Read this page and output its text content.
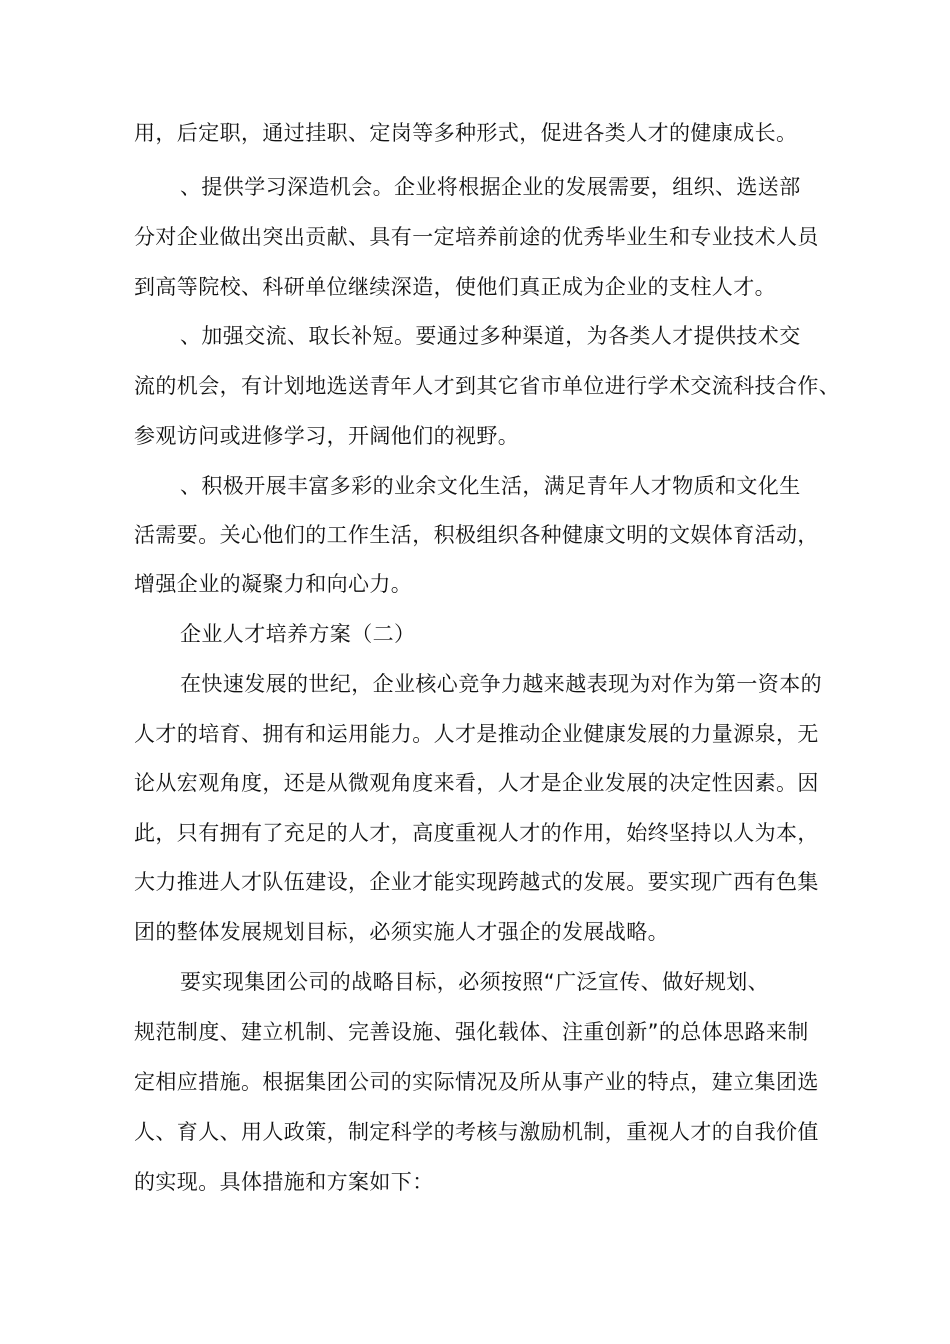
用，后定职，通过挂职、定岗等多种形式，促进各类人才的健康成长。
、提供学习深造机会。企业将根据企业的发展需要，组织、选送部
分对企业做出突出贡献、具有一定培养前途的优秀毕业生和专业技术人员
到高等院校、科研单位继续深造，使他们真正成为企业的支柱人才。
、加强交流、取长补短。要通过多种渠道，为各类人才提供技术交
流的机会，有计划地选送青年人才到其它省市单位进行学术交流科技合作、
参观访问或进修学习，开阔他们的视野。
、积极开展丰富多彩的业余文化生活，满足青年人才物质和文化生
活需要。关心他们的工作生活，积极组织各种健康文明的文娱体育活动，
增强企业的凝聚力和向心力。
企业人才培养方案（二）
在快速发展的世纪，企业核心竞争力越来越表现为对作为第一资本的
人才的培育、拥有和运用能力。人才是推动企业健康发展的力量源泉，无
论从宏观角度，还是从微观角度来看，人才是企业发展的决定性因素。因
此，只有拥有了充足的人才，高度重视人才的作用，始终坚持以人为本，
大力推进人才队伍建设，企业才能实现跨越式的发展。要实现广西有色集
团的整体发展规划目标，必须实施人才强企的发展战略。
要实现集团公司的战略目标，必须按照“广泛宣传、做好规划、
规范制度、建立机制、完善设施、强化载体、注重创新”的总体思路来制
定相应措施。根据集团公司的实际情况及所从事产业的特点，建立集团选
人、育人、用人政策，制定科学的考核与激励机制，重视人才的自我价值
的实现。具体措施和方案如下：
